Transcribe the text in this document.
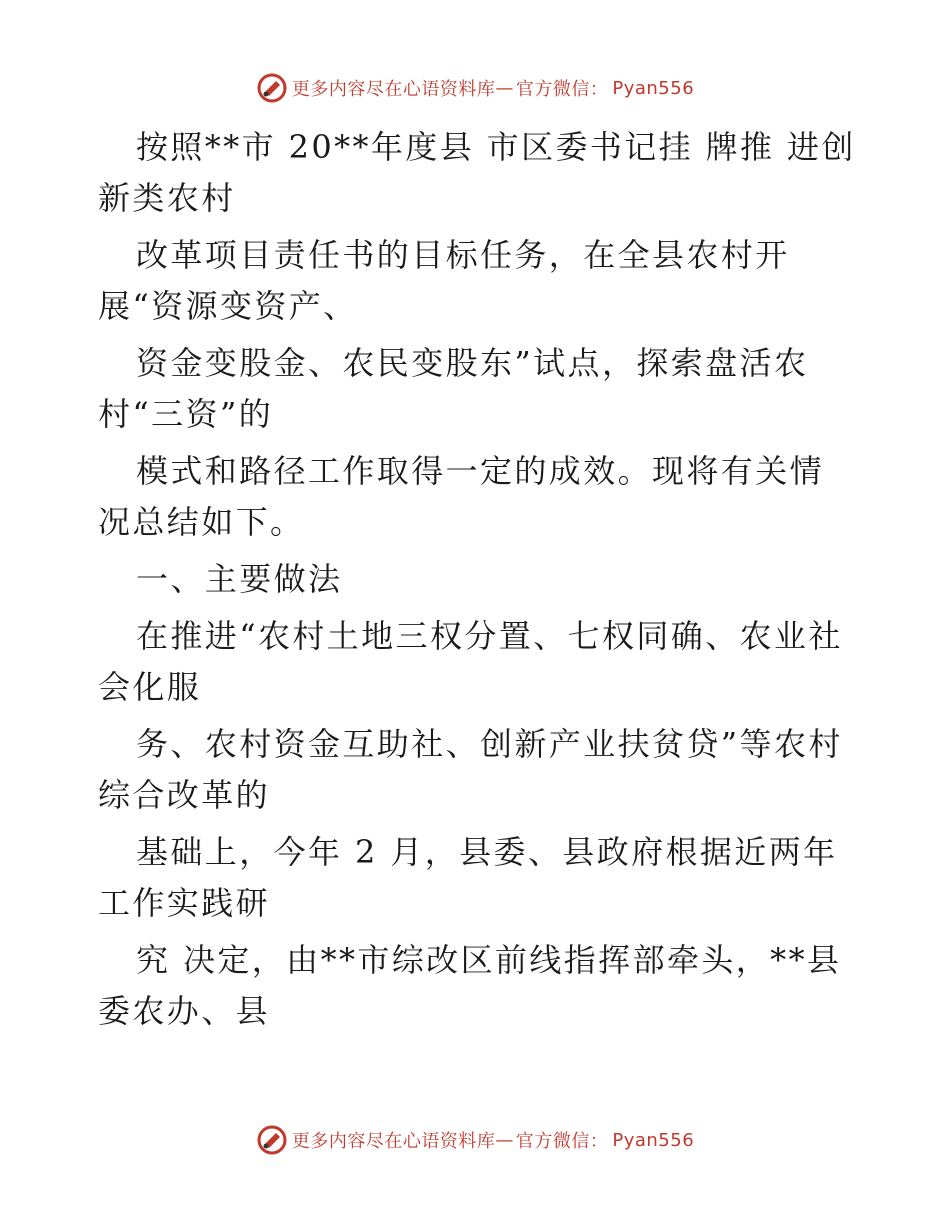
更多内容尽在心语资料库 — 官方微信： Pyan556

按照**市 20**年度县 市区委书记挂 牌推 进创新类农村

改革项目责任书的目标任务，在全县农村开展“资源变资产、

资金变股金、农民变股东”试点，探索盘活农村“三资”的

模式和路径工作取得一定的成效。现将有关情况总结如下。

一、主要做法

在推进“农村土地三权分置、七权同确、农业社会化服

务、农村资金互助社、创新产业扶贫贷”等农村综合改革的

基础上，今年 2 月，县委、县政府根据近两年工作实践研

究 决定，由**市综改区前线指挥部牵头，**县委农办、县

更多内容尽在心语资料库 — 官方微信： Pyan556
